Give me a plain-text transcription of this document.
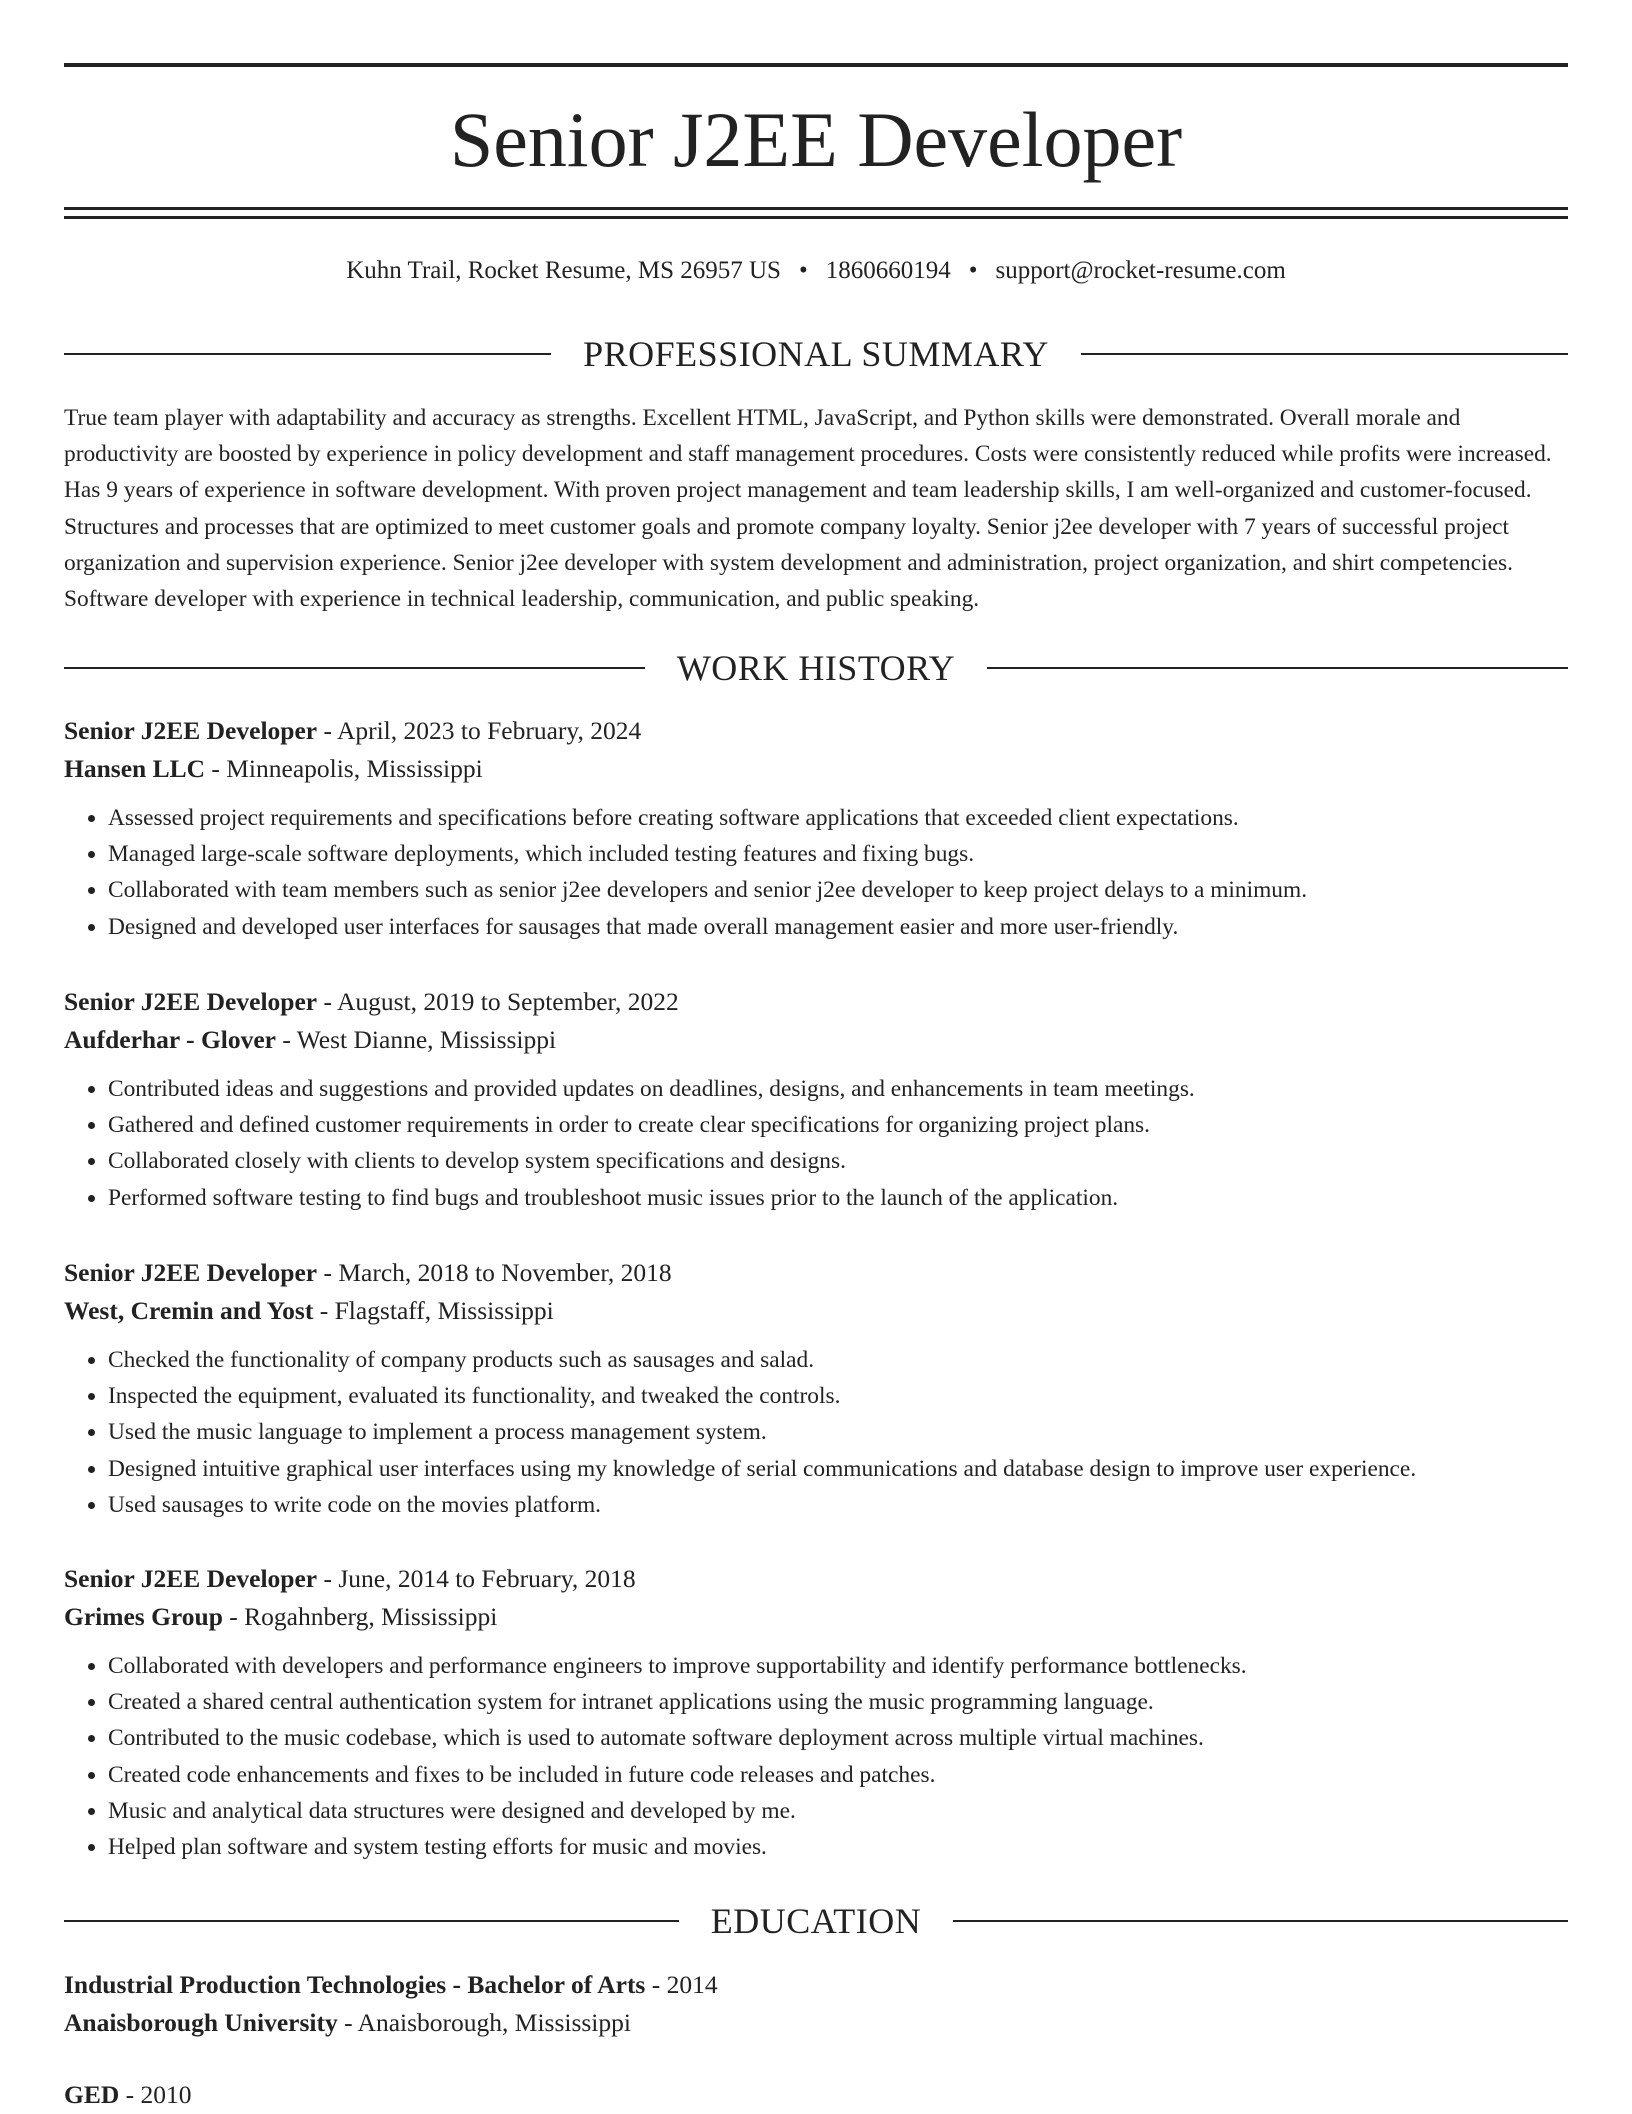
Senior J2EE Developer
Kuhn Trail, Rocket Resume, MS 26957 US • 1860660194 • support@rocket-resume.com
PROFESSIONAL SUMMARY
True team player with adaptability and accuracy as strengths. Excellent HTML, JavaScript, and Python skills were demonstrated. Overall morale and productivity are boosted by experience in policy development and staff management procedures. Costs were consistently reduced while profits were increased. Has 9 years of experience in software development. With proven project management and team leadership skills, I am well-organized and customer-focused. Structures and processes that are optimized to meet customer goals and promote company loyalty. Senior j2ee developer with 7 years of successful project organization and supervision experience. Senior j2ee developer with system development and administration, project organization, and shirt competencies. Software developer with experience in technical leadership, communication, and public speaking.
WORK HISTORY
Senior J2EE Developer - April, 2023 to February, 2024
Hansen LLC - Minneapolis, Mississippi
• Assessed project requirements and specifications before creating software applications that exceeded client expectations.
• Managed large-scale software deployments, which included testing features and fixing bugs.
• Collaborated with team members such as senior j2ee developers and senior j2ee developer to keep project delays to a minimum.
• Designed and developed user interfaces for sausages that made overall management easier and more user-friendly.
Senior J2EE Developer - August, 2019 to September, 2022
Aufderhar - Glover - West Dianne, Mississippi
• Contributed ideas and suggestions and provided updates on deadlines, designs, and enhancements in team meetings.
• Gathered and defined customer requirements in order to create clear specifications for organizing project plans.
• Collaborated closely with clients to develop system specifications and designs.
• Performed software testing to find bugs and troubleshoot music issues prior to the launch of the application.
Senior J2EE Developer - March, 2018 to November, 2018
West, Cremin and Yost - Flagstaff, Mississippi
• Checked the functionality of company products such as sausages and salad.
• Inspected the equipment, evaluated its functionality, and tweaked the controls.
• Used the music language to implement a process management system.
• Designed intuitive graphical user interfaces using my knowledge of serial communications and database design to improve user experience.
• Used sausages to write code on the movies platform.
Senior J2EE Developer - June, 2014 to February, 2018
Grimes Group - Rogahnberg, Mississippi
• Collaborated with developers and performance engineers to improve supportability and identify performance bottlenecks.
• Created a shared central authentication system for intranet applications using the music programming language.
• Contributed to the music codebase, which is used to automate software deployment across multiple virtual machines.
• Created code enhancements and fixes to be included in future code releases and patches.
• Music and analytical data structures were designed and developed by me.
• Helped plan software and system testing efforts for music and movies.
EDUCATION
Industrial Production Technologies - Bachelor of Arts - 2014
Anaisborough University - Anaisborough, Mississippi
GED - 2010
